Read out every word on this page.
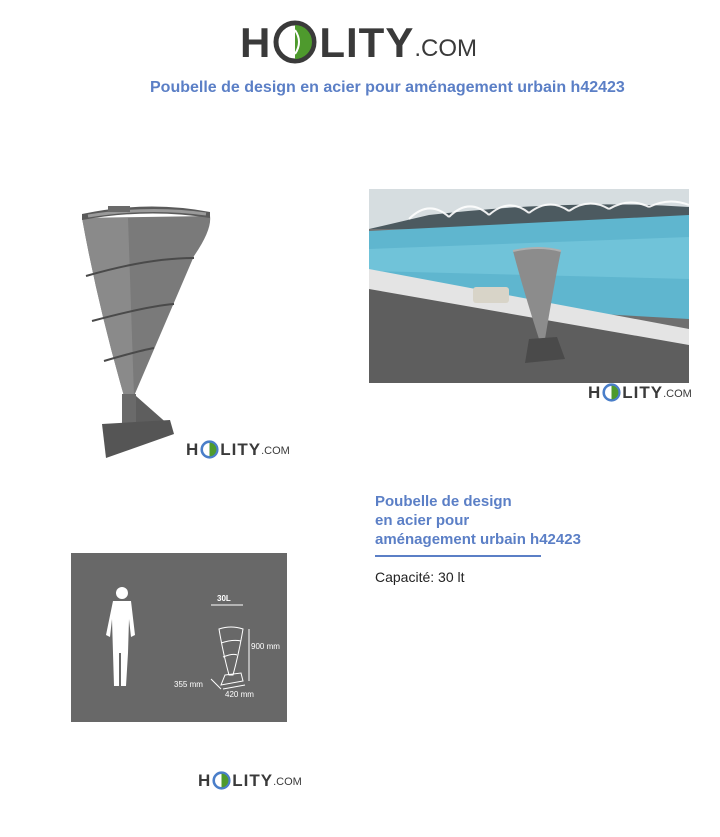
H LITY .COM
Poubelle de design en acier pour aménagement urbain h42423
H LITY .COM
H LITY .COM
Poubelle de design
en acier pour
aménagement urbain h42423
Capacité: 30 lt
30L
900 mm
355 mm
420 mm
H LITY .COM
